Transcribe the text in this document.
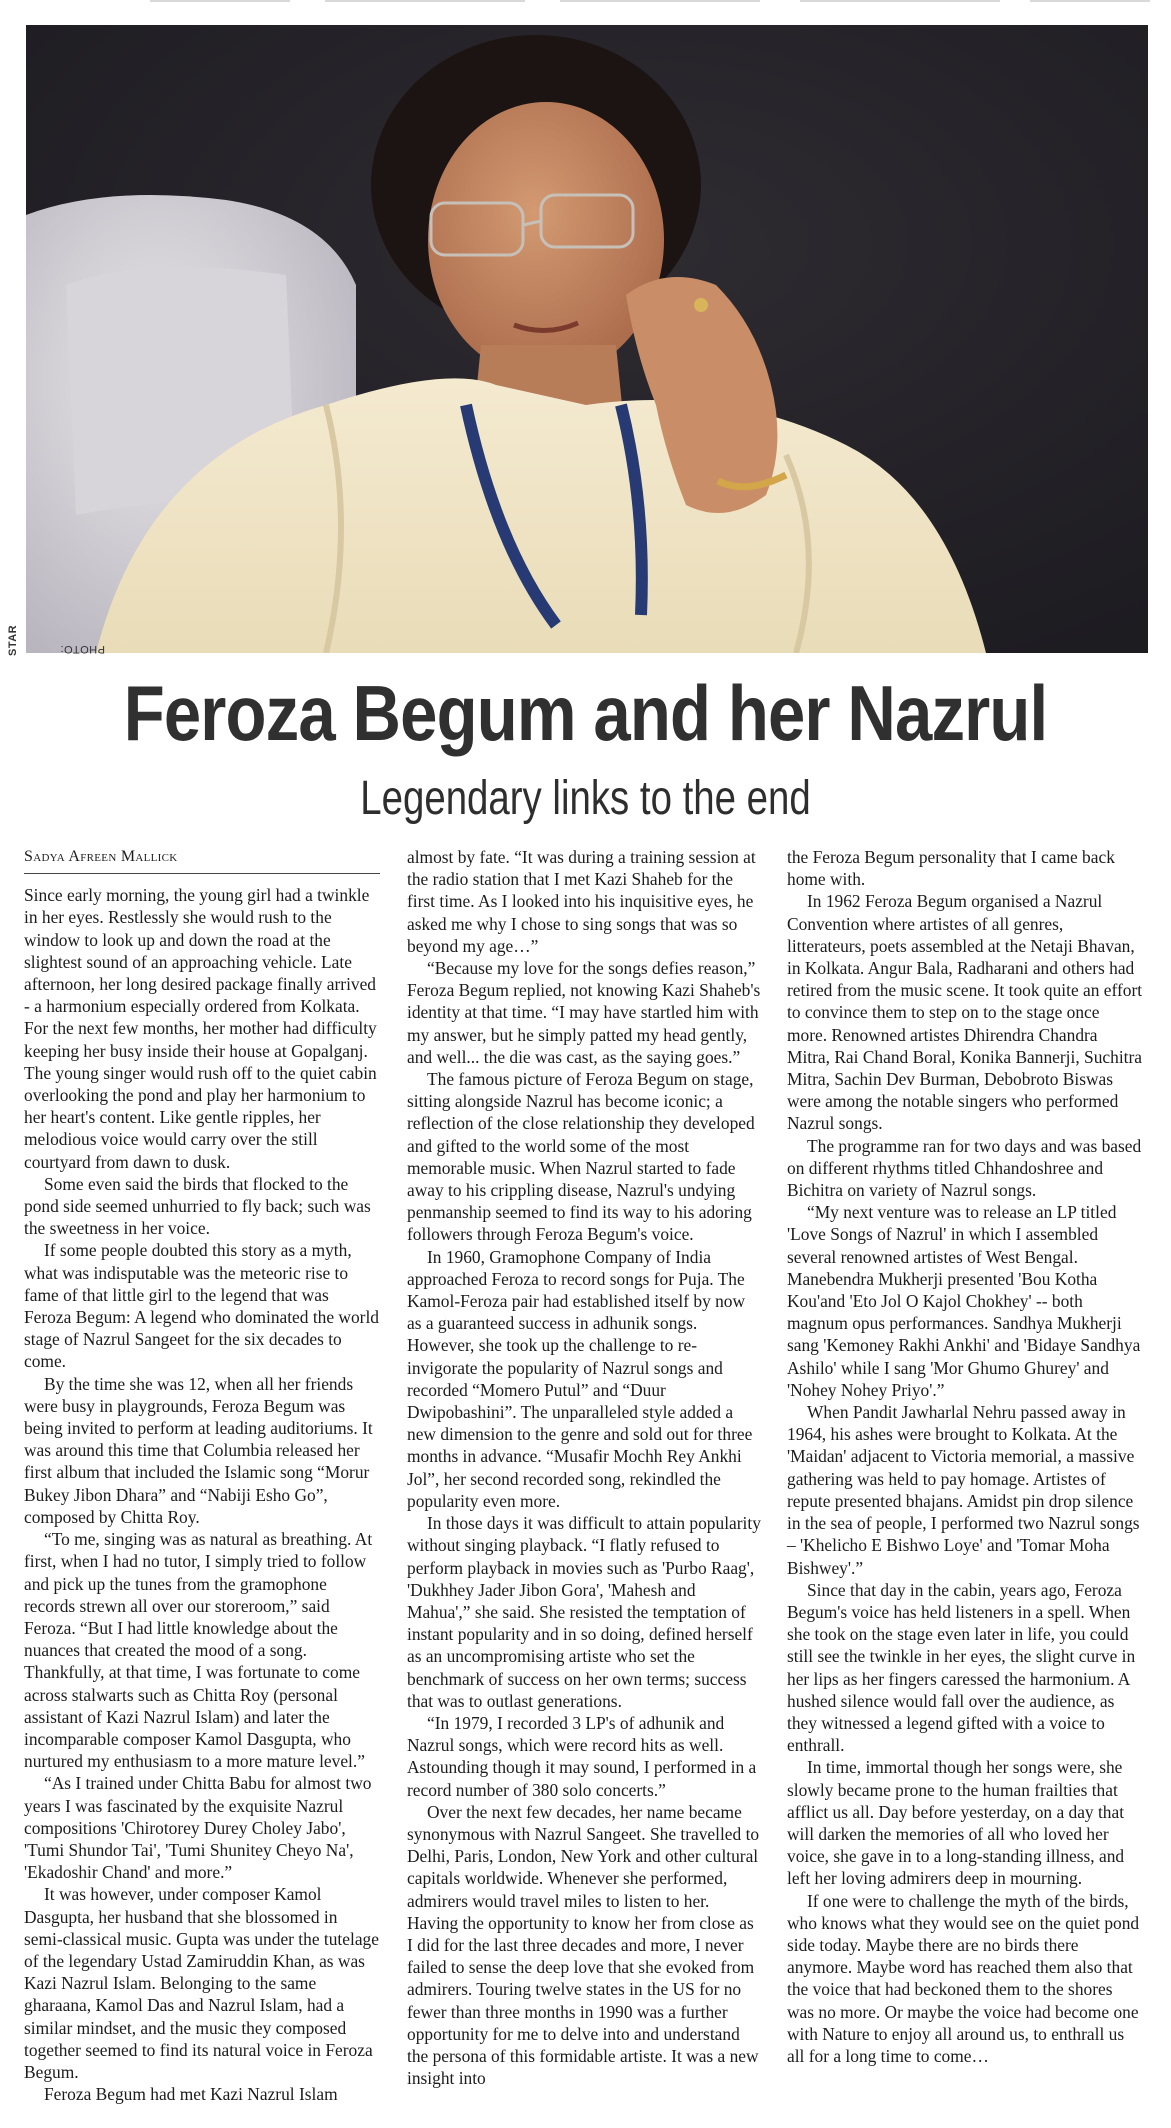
PHOTO:
STAR
Feroza Begum and her Nazrul
Legendary links to the end
Sadya Afreen Mallick

Since early morning, the young girl had a twinkle in her eyes. Restlessly she would rush to the window to look up and down the road at the slightest sound of an approaching vehicle. Late afternoon, her long desired package finally arrived - a harmonium especially ordered from Kolkata. For the next few months, her mother had difficulty keeping her busy inside their house at Gopalganj. The young singer would rush off to the quiet cabin overlooking the pond and play her harmonium to her heart's content. Like gentle ripples, her melodious voice would carry over the still courtyard from dawn to dusk.

Some even said the birds that flocked to the pond side seemed unhurried to fly back; such was the sweetness in her voice.

If some people doubted this story as a myth, what was indisputable was the meteoric rise to fame of that little girl to the legend that was Feroza Begum: A legend who dominated the world stage of Nazrul Sangeet for the six decades to come.

By the time she was 12, when all her friends were busy in playgrounds, Feroza Begum was being invited to perform at leading auditoriums. It was around this time that Columbia released her first album that included the Islamic song “Morur Bukey Jibon Dhara” and “Nabiji Esho Go”, composed by Chitta Roy.

“To me, singing was as natural as breathing. At first, when I had no tutor, I simply tried to follow and pick up the tunes from the gramophone records strewn all over our storeroom,” said Feroza. “But I had little knowledge about the nuances that created the mood of a song. Thankfully, at that time, I was fortunate to come across stalwarts such as Chitta Roy (personal assistant of Kazi Nazrul Islam) and later the incomparable composer Kamol Dasgupta, who nurtured my enthusiasm to a more mature level.”

“As I trained under Chitta Babu for almost two years I was fascinated by the exquisite Nazrul compositions 'Chirotorey Durey Choley Jabo', 'Tumi Shundor Tai', 'Tumi Shunitey Cheyo Na', 'Ekadoshir Chand' and more.”

It was however, under composer Kamol Dasgupta, her husband that she blossomed in semi-classical music. Gupta was under the tutelage of the legendary Ustad Zamiruddin Khan, as was Kazi Nazrul Islam. Belonging to the same gharaana, Kamol Das and Nazrul Islam, had a similar mindset, and the music they composed together seemed to find its natural voice in Feroza Begum.

Feroza Begum had met Kazi Nazrul Islam

almost by fate. “It was during a training session at the radio station that I met Kazi Shaheb for the first time. As I looked into his inquisitive eyes, he asked me why I chose to sing songs that was so beyond my age…”

“Because my love for the songs defies reason,” Feroza Begum replied, not knowing Kazi Shaheb's identity at that time. “I may have startled him with my answer, but he simply patted my head gently, and well... the die was cast, as the saying goes.”

The famous picture of Feroza Begum on stage, sitting alongside Nazrul has become iconic; a reflection of the close relationship they developed and gifted to the world some of the most memorable music. When Nazrul started to fade away to his crippling disease, Nazrul's undying penmanship seemed to find its way to his adoring followers through Feroza Begum's voice.

In 1960, Gramophone Company of India approached Feroza to record songs for Puja. The Kamol-Feroza pair had established itself by now as a guaranteed success in adhunik songs. However, she took up the challenge to re-invigorate the popularity of Nazrul songs and recorded “Momero Putul” and “Duur Dwipobashini”. The unparalleled style added a new dimension to the genre and sold out for three months in advance. “Musafir Mochh Rey Ankhi Jol”, her second recorded song, rekindled the popularity even more.

In those days it was difficult to attain popularity without singing playback. “I flatly refused to perform playback in movies such as 'Purbo Raag', 'Dukhhey Jader Jibon Gora', 'Mahesh and Mahua',” she said. She resisted the temptation of instant popularity and in so doing, defined herself as an uncompromising artiste who set the benchmark of success on her own terms; success that was to outlast generations.

“In 1979, I recorded 3 LP's of adhunik and Nazrul songs, which were record hits as well. Astounding though it may sound, I performed in a record number of 380 solo concerts.”

Over the next few decades, her name became synonymous with Nazrul Sangeet. She travelled to Delhi, Paris, London, New York and other cultural capitals worldwide. Whenever she performed, admirers would travel miles to listen to her. Having the opportunity to know her from close as I did for the last three decades and more, I never failed to sense the deep love that she evoked from admirers. Touring twelve states in the US for no fewer than three months in 1990 was a further opportunity for me to delve into and understand the persona of this formidable artiste. It was a new insight into

the Feroza Begum personality that I came back home with.

In 1962 Feroza Begum organised a Nazrul Convention where artistes of all genres, litterateurs, poets assembled at the Netaji Bhavan, in Kolkata. Angur Bala, Radharani and others had retired from the music scene. It took quite an effort to convince them to step on to the stage once more. Renowned artistes Dhirendra Chandra Mitra, Rai Chand Boral, Konika Bannerji, Suchitra Mitra, Sachin Dev Burman, Debobroto Biswas were among the notable singers who performed Nazrul songs.

The programme ran for two days and was based on different rhythms titled Chhandoshree and Bichitra on variety of Nazrul songs.

“My next venture was to release an LP titled 'Love Songs of Nazrul' in which I assembled several renowned artistes of West Bengal. Manebendra Mukherji presented 'Bou Kotha Kou'and 'Eto Jol O Kajol Chokhey' -- both magnum opus performances. Sandhya Mukherji sang 'Kemoney Rakhi Ankhi' and 'Bidaye Sandhya Ashilo' while I sang 'Mor Ghumo Ghurey' and 'Nohey Nohey Priyo'.”

When Pandit Jawharlal Nehru passed away in 1964, his ashes were brought to Kolkata. At the 'Maidan' adjacent to Victoria memorial, a massive gathering was held to pay homage. Artistes of repute presented bhajans. Amidst pin drop silence in the sea of people, I performed two Nazrul songs – 'Khelicho E Bishwo Loye' and 'Tomar Moha Bishwey'.”

Since that day in the cabin, years ago, Feroza Begum's voice has held listeners in a spell. When she took on the stage even later in life, you could still see the twinkle in her eyes, the slight curve in her lips as her fingers caressed the harmonium. A hushed silence would fall over the audience, as they witnessed a legend gifted with a voice to enthrall.

In time, immortal though her songs were, she slowly became prone to the human frailties that afflict us all. Day before yesterday, on a day that will darken the memories of all who loved her voice, she gave in to a long-standing illness, and left her loving admirers deep in mourning.

If one were to challenge the myth of the birds, who knows what they would see on the quiet pond side today. Maybe there are no birds there anymore. Maybe word has reached them also that the voice that had beckoned them to the shores was no more. Or maybe the voice had become one with Nature to enjoy all around us, to enthrall us all for a long time to come…
